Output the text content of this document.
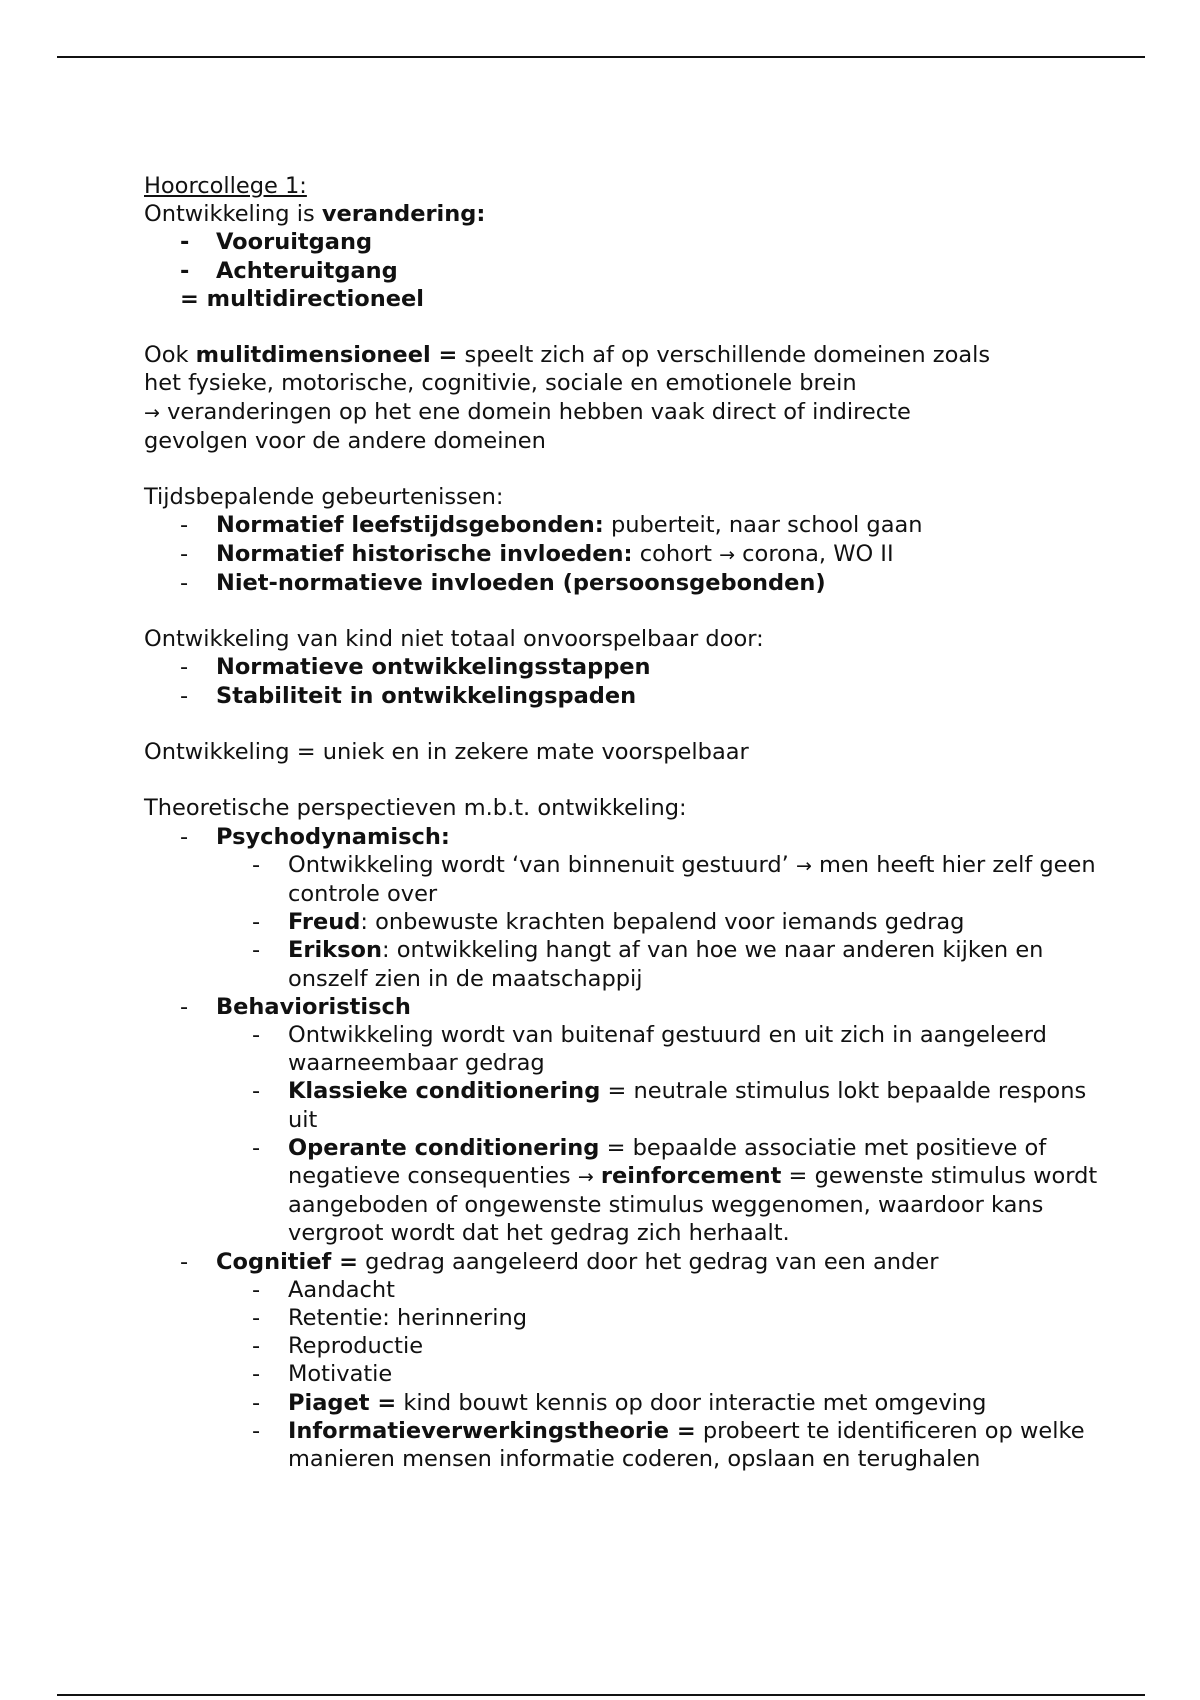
Hoorcollege 1:
Ontwikkeling is verandering:
-	Vooruitgang
-	Achteruitgang
= multidirectioneel
Ook mulitdimensioneel = speelt zich af op verschillende domeinen zoals
het fysieke, motorische, cognitivie, sociale en emotionele brein
→ veranderingen op het ene domein hebben vaak direct of indirecte
gevolgen voor de andere domeinen
Tijdsbepalende gebeurtenissen:
-	Normatief leefstijdsgebonden: puberteit, naar school gaan
-	Normatief historische invloeden: cohort → corona, WO II
-	Niet-normatieve invloeden (persoonsgebonden)
Ontwikkeling van kind niet totaal onvoorspelbaar door:
-	Normatieve ontwikkelingsstappen
-	Stabiliteit in ontwikkelingspaden
Ontwikkeling = uniek en in zekere mate voorspelbaar
Theoretische perspectieven m.b.t. ontwikkeling:
-	Psychodynamisch:
-	Ontwikkeling wordt ‘van binnenuit gestuurd’ → men heeft hier zelf geen controle over
-	Freud: onbewuste krachten bepalend voor iemands gedrag
-	Erikson: ontwikkeling hangt af van hoe we naar anderen kijken en onszelf zien in de maatschappij
-	Behavioristisch
-	Ontwikkeling wordt van buitenaf gestuurd en uit zich in aangeleerd waarneembaar gedrag
-	Klassieke conditionering = neutrale stimulus lokt bepaalde respons uit
-	Operante conditionering = bepaalde associatie met positieve of negatieve consequenties → reinforcement = gewenste stimulus wordt aangeboden of ongewenste stimulus weggenomen, waardoor kans vergroot wordt dat het gedrag zich herhaalt.
-	Cognitief = gedrag aangeleerd door het gedrag van een ander
-	Aandacht
-	Retentie: herinnering
-	Reproductie
-	Motivatie
-	Piaget = kind bouwt kennis op door interactie met omgeving
-	Informatieverwerkingstheorie = probeert te identificeren op welke manieren mensen informatie coderen, opslaan en terughalen
